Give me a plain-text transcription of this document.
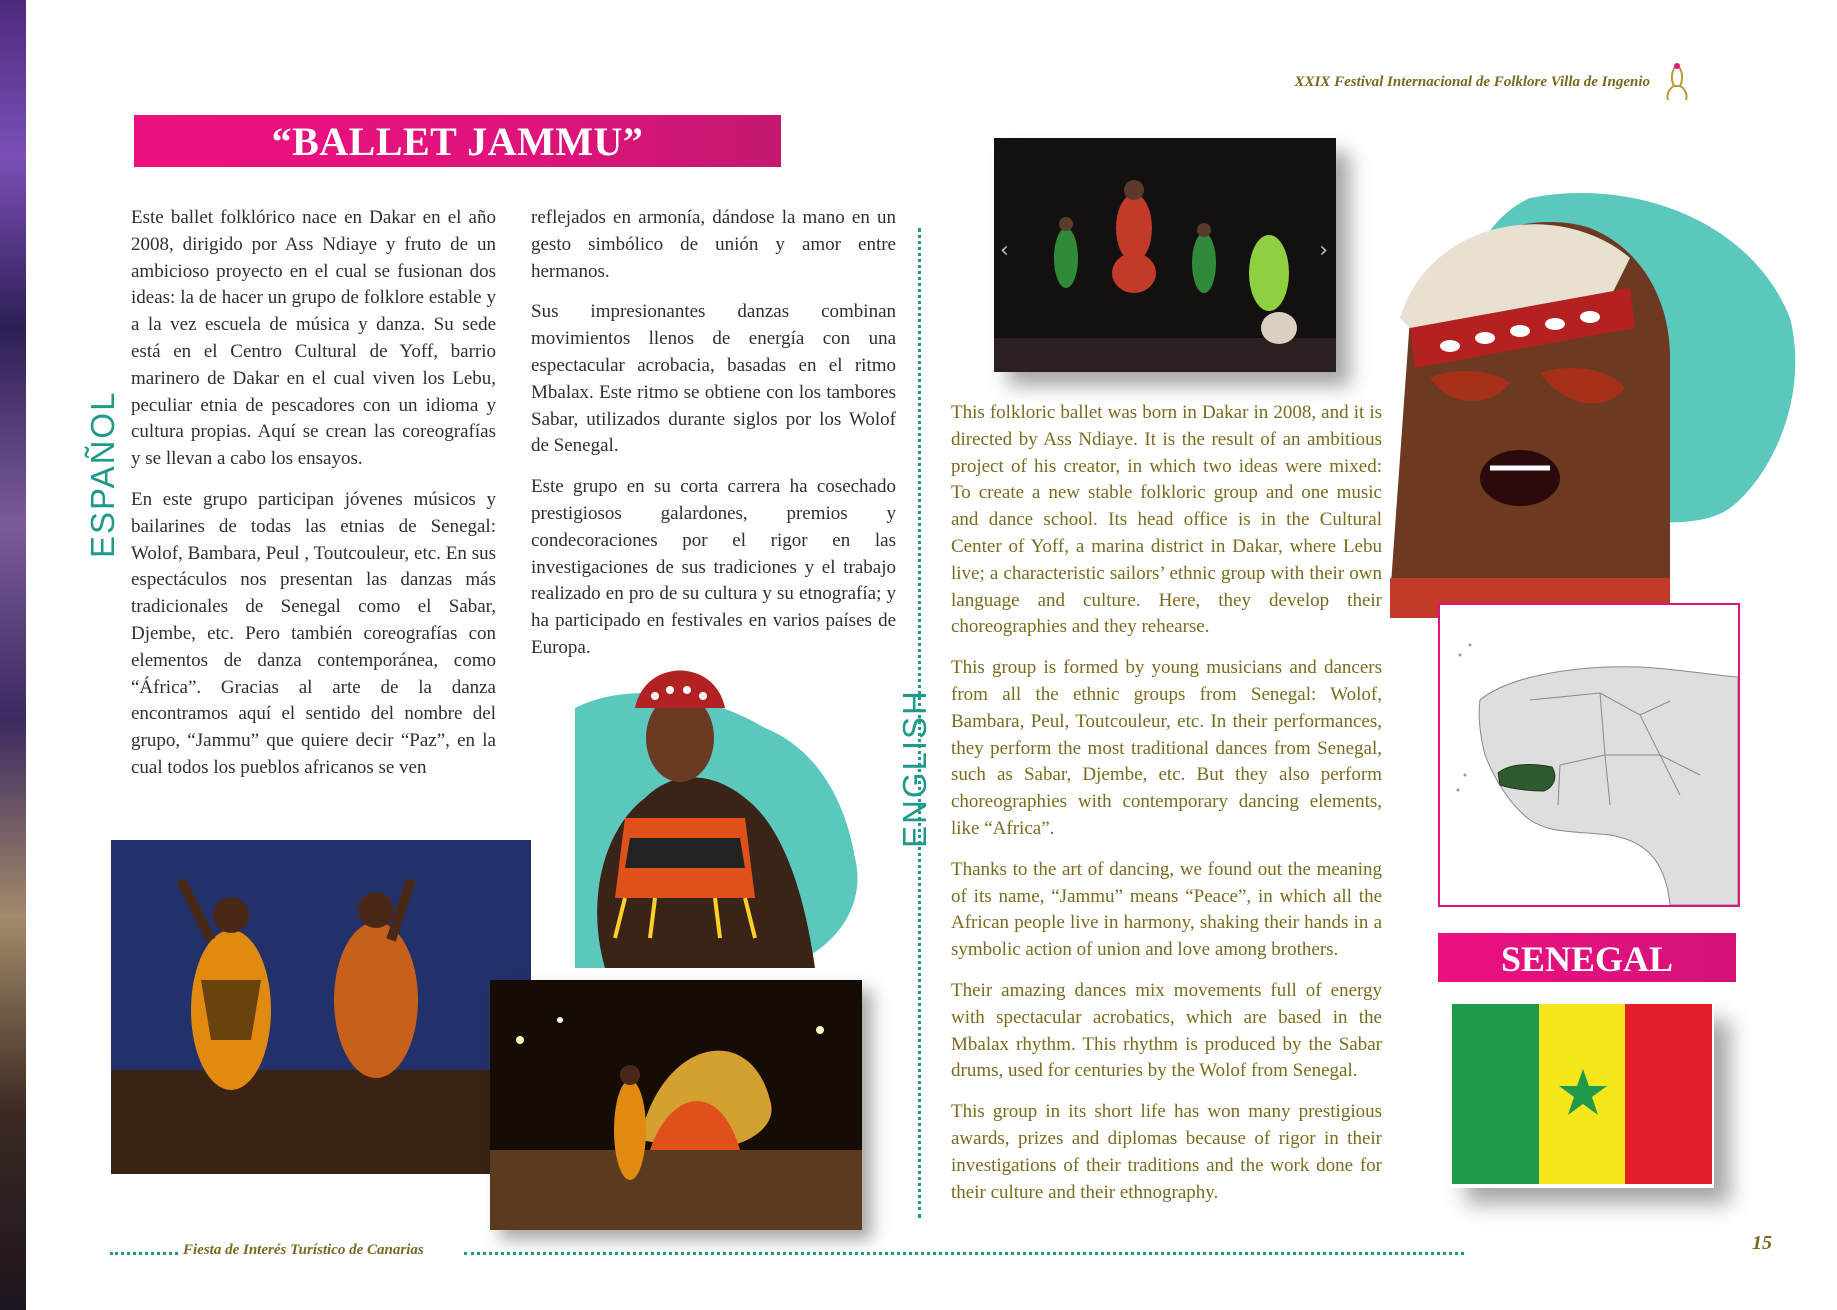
XXIX Festival Internacional de Folklore Villa de Ingenio
“BALLET JAMMU”
ESPAÑOL
ENGLISH

Este ballet folklórico nace en Dakar en el año 2008, dirigido por Ass Ndiaye y fruto de un ambicioso proyecto en el cual se fusionan dos ideas: la de hacer un grupo de folklore estable y a la vez escuela de música y danza. Su sede está en el Centro Cultural de Yoff, barrio marinero de Dakar en el cual viven los Lebu, peculiar etnia de pescadores con un idioma y cultura propias. Aquí se crean las coreografías y se llevan a cabo los ensayos.

En este grupo participan jóvenes músicos y bailarines de todas las etnias de Senegal: Wolof, Bambara, Peul , Toutcouleur, etc. En sus espectáculos nos presentan las danzas más tradicionales de Senegal como el Sabar, Djembe, etc. Pero también coreografías con elementos de danza contemporánea, como “África”. Gracias al arte de la danza encontramos aquí el sentido del nombre del grupo, “Jammu” que quiere decir “Paz”, en la cual todos los pueblos africanos se ven

reflejados en armonía, dándose la mano en un gesto simbólico de unión y amor entre hermanos.

Sus impresionantes danzas combinan movimientos llenos de energía con una espectacular acrobacia, basadas en el ritmo Mbalax. Este ritmo se obtiene con los tambores Sabar, utilizados durante siglos por los Wolof de Senegal.

Este grupo en su corta carrera ha cosechado prestigiosos galardones, premios y condecoraciones por el rigor en las investigaciones de sus tradiciones y el trabajo realizado en pro de su cultura y su etnografía; y ha participado en festivales en varios países de Europa.

‹	›

This folkloric ballet was born in Dakar in 2008, and it is directed by Ass Ndiaye. It is the result of an ambitious project of his creator, in which two ideas were mixed: To create a new stable folkloric group and one music and dance school. Its head office is in the Cultural Center of Yoff, a marina district in Dakar, where Lebu live; a characteristic sailors’ ethnic group with their own language and culture. Here, they develop their choreographies and they rehearse.

This group is formed by young musicians and dancers from all the ethnic groups from Senegal: Wolof, Bambara, Peul, Toutcouleur, etc. In their performances, they perform the most traditional dances from Senegal, such as Sabar, Djembe, etc. But they also perform choreographies with contemporary dancing elements, like “Africa”.

Thanks to the art of dancing, we found out the meaning of its name, “Jammu” means “Peace”, in which all the African people live in harmony, shaking their hands in a symbolic action of union and love among brothers.

Their amazing dances mix movements full of energy with spectacular acrobatics, which are based in the Mbalax rhythm. This rhythm is produced by the Sabar drums, used for centuries by the Wolof from Senegal.

This group in its short life has won many prestigious awards, prizes and diplomas because of rigor in their investigations of their traditions and the work done for their culture and their ethnography.

SENEGAL
Fiesta de Interés Turístico de Canarias	15
